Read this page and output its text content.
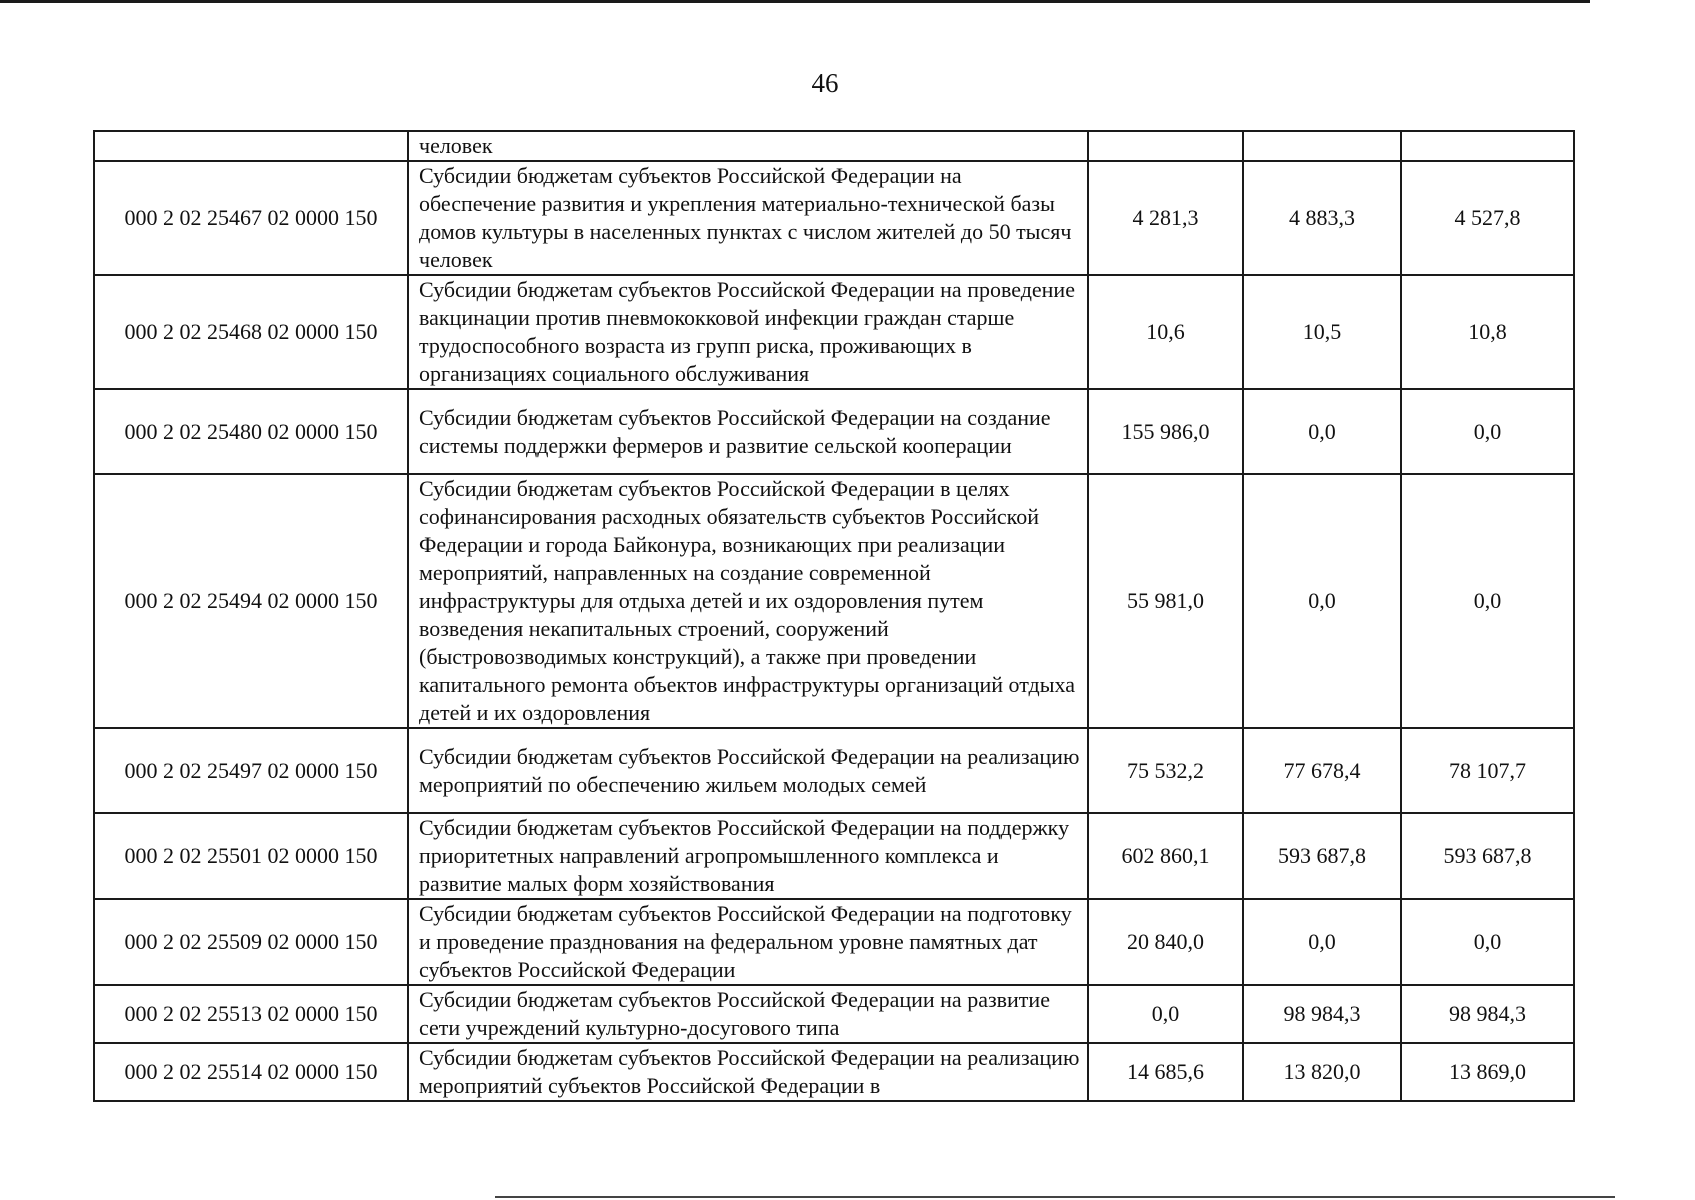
46
	человек			
000 2 02 25467 02 0000 150	Субсидии бюджетам субъектов Российской Федерации на обеспечение развития и укрепления материально-технической базы домов культуры в населенных пунктах с числом жителей до 50 тысяч человек	4 281,3	4 883,3	4 527,8
000 2 02 25468 02 0000 150	Субсидии бюджетам субъектов Российской Федерации на проведение вакцинации против пневмококковой инфекции граждан старше трудоспособного возраста из групп риска, проживающих в организациях социального обслуживания	10,6	10,5	10,8
000 2 02 25480 02 0000 150	Субсидии бюджетам субъектов Российской Федерации на создание системы поддержки фермеров и развитие сельской кооперации	155 986,0	0,0	0,0
000 2 02 25494 02 0000 150	Субсидии бюджетам субъектов Российской Федерации в целях софинансирования расходных обязательств субъектов Российской Федерации и города Байконура, возникающих при реализации мероприятий, направленных на создание современной инфраструктуры для отдыха детей и их оздоровления путем возведения некапитальных строений, сооружений (быстровозводимых конструкций), а также при проведении капитального ремонта объектов инфраструктуры организаций отдыха детей и их оздоровления	55 981,0	0,0	0,0
000 2 02 25497 02 0000 150	Субсидии бюджетам субъектов Российской Федерации на реализацию мероприятий по обеспечению жильем молодых семей	75 532,2	77 678,4	78 107,7
000 2 02 25501 02 0000 150	Субсидии бюджетам субъектов Российской Федерации на поддержку приоритетных направлений агропромышленного комплекса и развитие малых форм хозяйствования	602 860,1	593 687,8	593 687,8
000 2 02 25509 02 0000 150	Субсидии бюджетам субъектов Российской Федерации на подготовку и проведение празднования на федеральном уровне памятных дат субъектов Российской Федерации	20 840,0	0,0	0,0
000 2 02 25513 02 0000 150	Субсидии бюджетам субъектов Российской Федерации на развитие сети учреждений культурно-досугового типа	0,0	98 984,3	98 984,3
000 2 02 25514 02 0000 150	Субсидии бюджетам субъектов Российской Федерации на реализацию мероприятий субъектов Российской Федерации в	14 685,6	13 820,0	13 869,0
